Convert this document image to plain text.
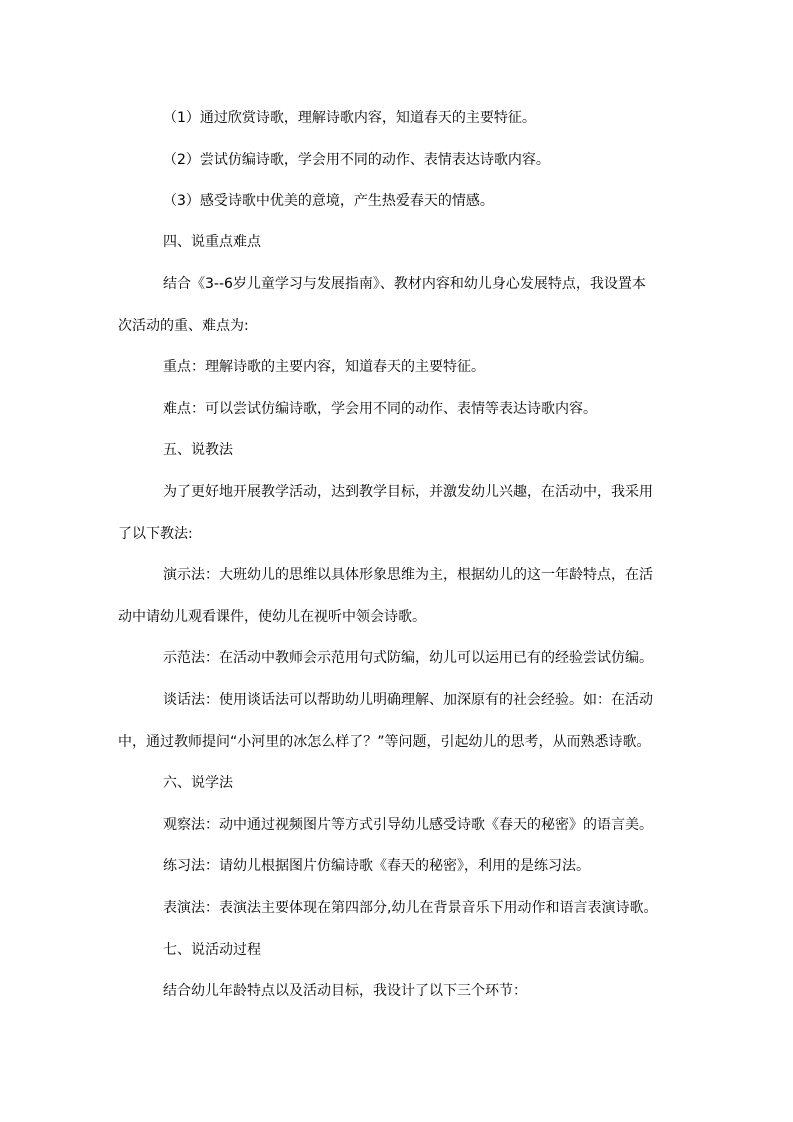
（1）通过欣赏诗歌，理解诗歌内容，知道春天的主要特征。
（2）尝试仿编诗歌，学会用不同的动作、表情表达诗歌内容。
（3）感受诗歌中优美的意境，产生热爱春天的情感。
四、说重点难点
结合《3--6岁儿童学习与发展指南》、教材内容和幼儿身心发展特点，我设置本
次活动的重、难点为:
重点：理解诗歌的主要内容，知道春天的主要特征。
难点：可以尝试仿编诗歌，学会用不同的动作、表情等表达诗歌内容。
五、说教法
为了更好地开展教学活动，达到教学目标，并激发幼儿兴趣，在活动中，我采用
了以下教法:
演示法：大班幼儿的思维以具体形象思维为主，根据幼儿的这一年龄特点，在活
动中请幼儿观看课件，使幼儿在视听中领会诗歌。
示范法：在活动中教师会示范用句式防编，幼儿可以运用已有的经验尝试仿编。
谈话法：使用谈话法可以帮助幼儿明确理解、加深原有的社会经验。如：在活动
中，通过教师提问“小河里的冰怎么样了？”等问题，引起幼儿的思考，从而熟悉诗歌。
六、说学法
观察法：动中通过视频图片等方式引导幼儿感受诗歌《春天的秘密》的语言美。
练习法：请幼儿根据图片仿编诗歌《春天的秘密》，利用的是练习法。
表演法：表演法主要体现在第四部分,幼儿在背景音乐下用动作和语言表演诗歌。
七、说活动过程
结合幼儿年龄特点以及活动目标，我设计了以下三个环节：
